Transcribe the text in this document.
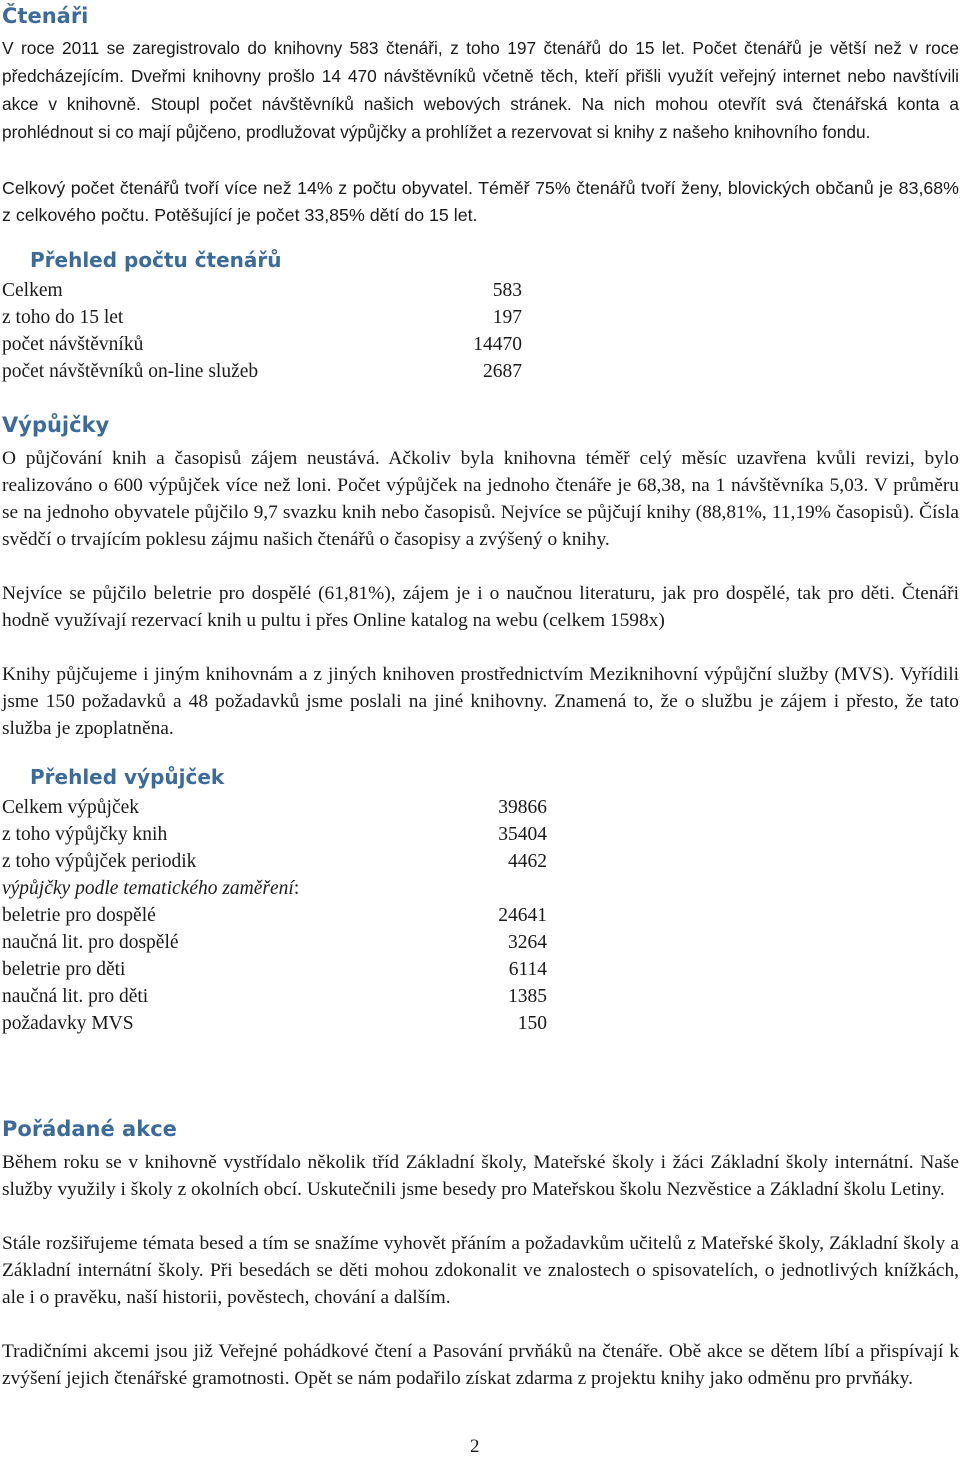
Čtenáři

V roce 2011 se zaregistrovalo do knihovny 583 čtenáři, z toho 197 čtenářů do 15 let. Počet čtenářů je větší než v roce předcházejícím. Dveřmi knihovny prošlo 14 470 návštěvníků včetně těch, kteří přišli využít veřejný internet nebo navštívili akce v knihovně. Stoupl počet návštěvníků našich webových stránek. Na nich mohou otevřít svá čtenářská konta a prohlédnout si co mají půjčeno, prodlužovat výpůjčky a prohlížet a rezervovat si knihy z našeho knihovního fondu.

Celkový počet čtenářů tvoří více než 14% z počtu obyvatel. Téměř 75% čtenářů tvoří ženy, blovických občanů je 83,68% z celkového počtu. Potěšující je počet 33,85% dětí do 15 let.

Přehled počtu čtenářů
Celkem	583
z toho do 15 let	197
počet návštěvníků	14470
počet návštěvníků on-line služeb	2687
Výpůjčky

O půjčování knih a časopisů zájem neustává. Ačkoliv byla knihovna téměř celý měsíc uzavřena kvůli revizi, bylo realizováno o 600 výpůjček více než loni. Počet výpůjček na jednoho čtenáře je 68,38, na 1 návštěvníka 5,03. V průměru se na jednoho obyvatele půjčilo 9,7 svazku knih nebo časopisů. Nejvíce se půjčují knihy (88,81%, 11,19% časopisů). Čísla svědčí o trvajícím poklesu zájmu našich čtenářů o časopisy a zvýšený o knihy.

Nejvíce se půjčilo beletrie pro dospělé (61,81%), zájem je i o naučnou literaturu, jak pro dospělé, tak pro děti. Čtenáři hodně využívají rezervací knih u pultu i přes Online katalog na webu (celkem 1598x)

Knihy půjčujeme i jiným knihovnám a z jiných knihoven prostřednictvím Meziknihovní výpůjční služby (MVS). Vyřídili jsme 150 požadavků a 48 požadavků jsme poslali na jiné knihovny. Znamená to, že o službu je zájem i přesto, že tato služba je zpoplatněna.

Přehled výpůjček
Celkem výpůjček	39866
z toho výpůjčky knih	35404
z toho výpůjček periodik	4462
výpůjčky podle tematického zaměření:
beletrie pro dospělé	24641
naučná lit. pro dospělé	3264
beletrie pro děti	6114
naučná lit. pro děti	1385
požadavky MVS	150
Pořádané akce

Během roku se v knihovně vystřídalo několik tříd Základní školy, Mateřské školy i žáci Základní školy internátní. Naše služby využily i školy z okolních obcí. Uskutečnili jsme besedy pro Mateřskou školu Nezvěstice a Základní školu Letiny.

Stále rozšiřujeme témata besed a tím se snažíme vyhovět přáním a požadavkům učitelů z Mateřské školy, Základní školy a Základní internátní školy. Při besedách se děti mohou zdokonalit ve znalostech o spisovatelích, o jednotlivých knížkách, ale i o pravěku, naší historii, pověstech, chování a dalším.

Tradičními akcemi jsou již Veřejné pohádkové čtení a Pasování prvňáků na čtenáře. Obě akce se dětem líbí a přispívají k zvýšení jejich čtenářské gramotnosti. Opět se nám podařilo získat zdarma z projektu knihy jako odměnu pro prvňáky.

2
